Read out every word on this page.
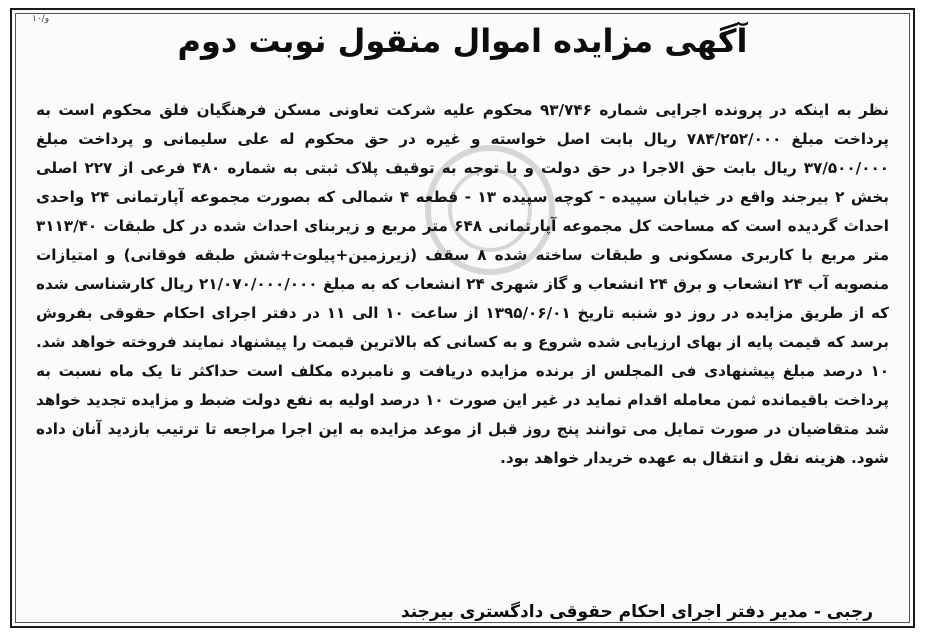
و/۱۰
آگهی مزایده اموال منقول نوبت دوم
نظر به اینکه در پرونده اجرایی شماره ۹۳/۷۴۶ محکوم علیه شرکت تعاونی مسکن فرهنگیان فلق محکوم است به پرداخت مبلغ ۷۸۴/۲۵۲/۰۰۰ ریال بابت اصل خواسته و غیره در حق محکوم له علی سلیمانی و پرداخت مبلغ ۳۷/۵۰۰/۰۰۰ ریال بابت حق الاجرا در حق دولت و با توجه به توقیف پلاک ثبتی به شماره ۴۸۰ فرعی از ۲۲۷ اصلی بخش ۲ بیرجند واقع در خیابان سپیده - کوچه سپیده ۱۳ - قطعه ۴ شمالی که بصورت مجموعه آپارتمانی ۲۴ واحدی احداث گردیده است که مساحت کل مجموعه آپارتمانی ۶۴۸ متر مربع و زیربنای احداث شده در کل طبقات ۳۱۱۳/۴۰ متر مربع با کاربری مسکونی و طبقات ساخته شده ۸ سقف (زیرزمین+پیلوت+شش طبقه فوقانی) و امتیازات منصوبه آب ۲۴ انشعاب و برق ۲۴ انشعاب و گاز شهری ۲۴ انشعاب که به مبلغ ۲۱/۰۷۰/۰۰۰/۰۰۰ ریال کارشناسی شده که از طریق مزایده در روز دو شنبه تاریخ ۱۳۹۵/۰۶/۰۱ از ساعت ۱۰ الی ۱۱ در دفتر اجرای احکام حقوقی بفروش برسد که قیمت پایه از بهای ارزیابی شده شروع و به کسانی که بالاترین قیمت را پیشنهاد نمایند فروخته خواهد شد. ۱۰ درصد مبلغ پیشنهادی فی المجلس از برنده مزایده دریافت و نامبرده مکلف است حداکثر تا یک ماه نسبت به پرداخت باقیمانده ثمن معامله اقدام نماید در غیر این صورت ۱۰ درصد اولیه به نفع دولت ضبط و مزایده تجدید خواهد شد متقاضیان در صورت تمایل می توانند پنج روز قبل از موعد مزایده به این اجرا مراجعه تا ترتیب بازدید آنان داده شود. هزینه نقل و انتقال به عهده خریدار خواهد بود.
رجبی - مدیر دفتر اجرای احکام حقوقی دادگستری بیرجند
